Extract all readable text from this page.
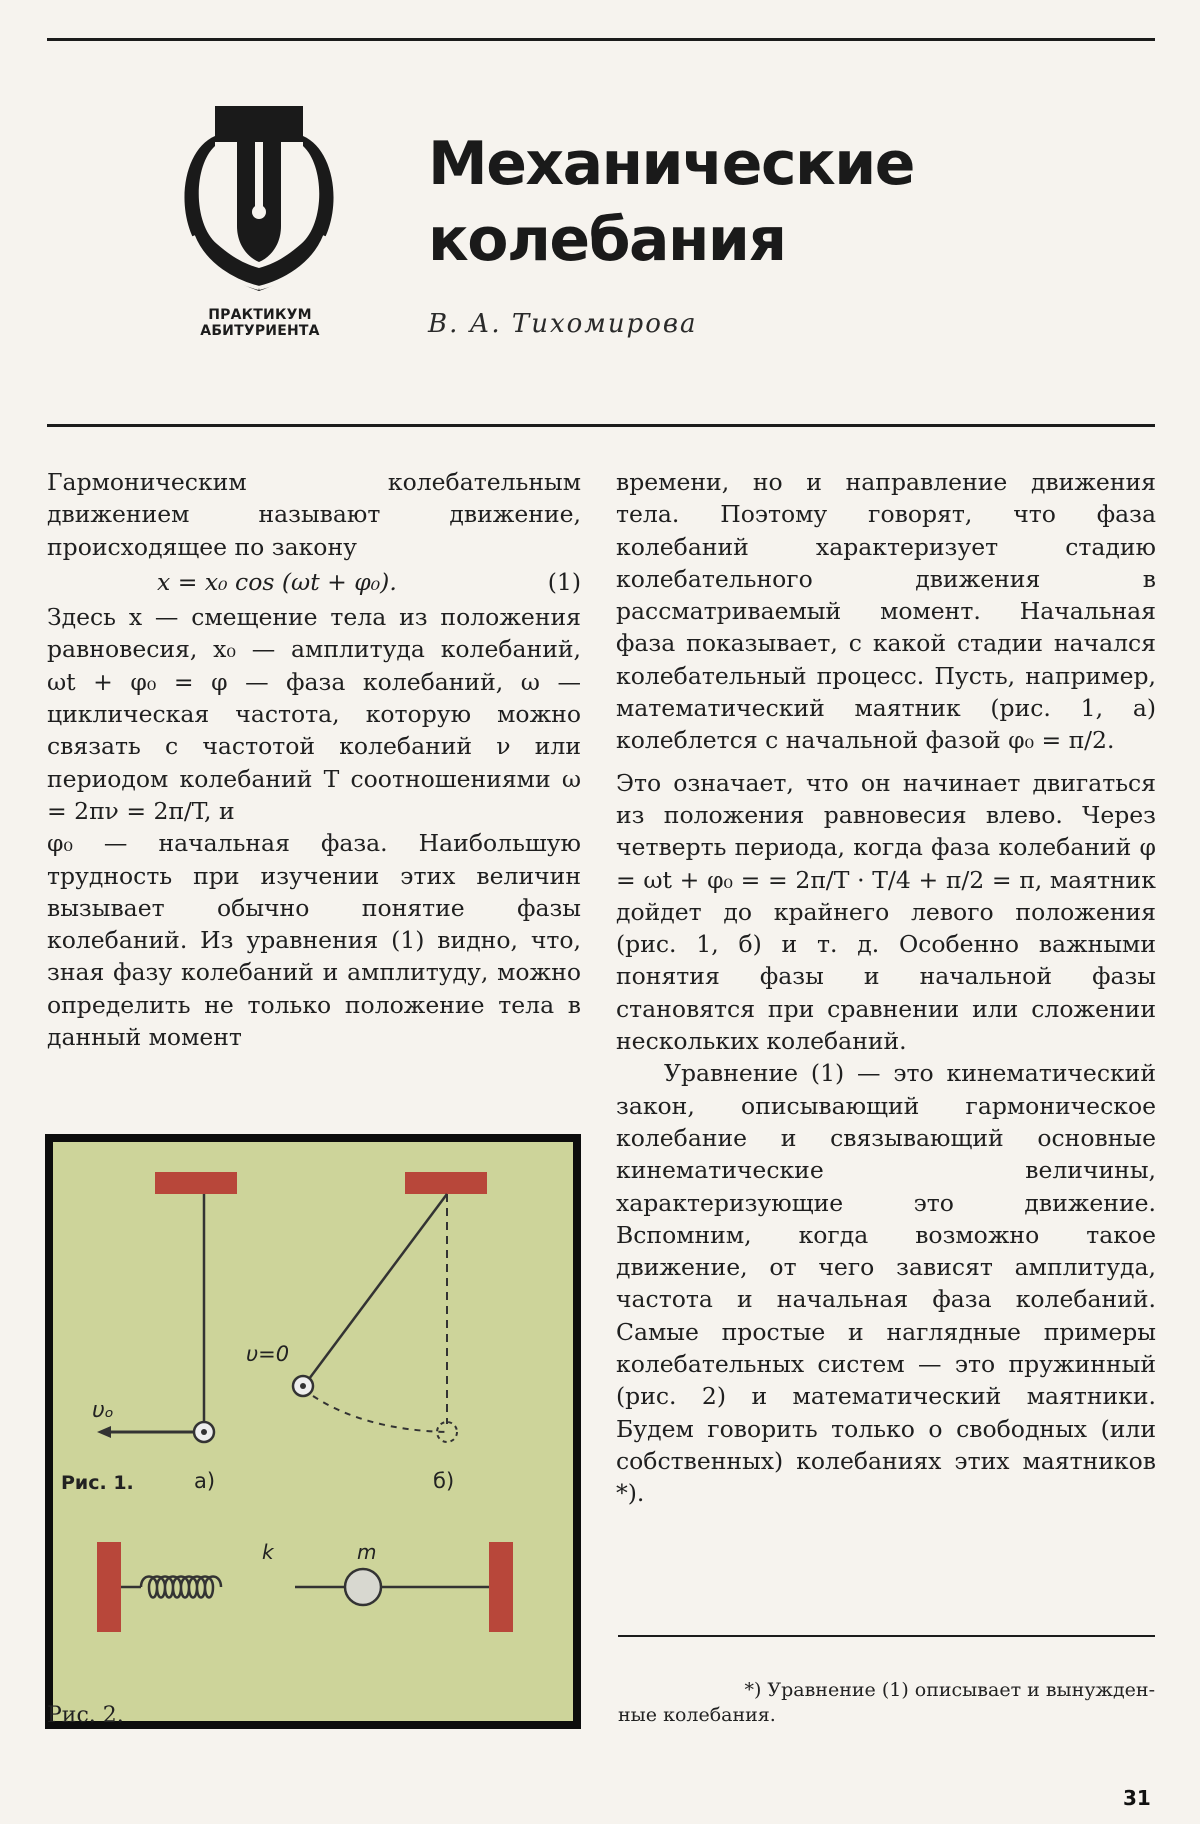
ПРАКТИКУМ
АБИТУРИЕНТА
Механические
колебания
В. А. Тихомирова

Гармоническим колебательным движением называют движение, происходящее по закону

x = x₀ cos (ωt + φ₀).	(1)

Здесь x — смещение тела из положения равновесия, x₀ — амплитуда колебаний, ωt + φ₀ = φ — фаза колебаний, ω — циклическая частота, которую можно связать с частотой колебаний ν или периодом колебаний T соотношениями ω = 2πν = 2π/T, и

φ₀ — начальная фаза. Наибольшую трудность при изучении этих величин вызывает обычно понятие фазы колебаний. Из уравнения (1) видно, что, зная фазу колебаний и амплитуду, можно определить не только положение тела в данный момент

времени, но и направление движения тела. Поэтому говорят, что фаза колебаний характеризует стадию колебательного движения в рассматриваемый момент. Начальная фаза показывает, с какой стадии начался колебательный процесс. Пусть, например, математический маятник (рис. 1, а) колеблется с начальной фазой φ₀ = π/2.

Это означает, что он начинает двигаться из положения равновесия влево. Через четверть периода, когда фаза колебаний φ = ωt + φ₀ = = 2π/T · T/4 + π/2 = π, маятник дойдет до крайнего левого положения (рис. 1, б) и т. д. Особенно важными понятия фазы и начальной фазы становятся при сравнении или сложении нескольких колебаний.

Уравнение (1) — это кинематический закон, описывающий гармоническое колебание и связывающий основные кинематические величины, характеризующие это движение. Вспомним, когда возможно такое движение, от чего зависят амплитуда, частота и начальная фаза колебаний. Самые простые и наглядные примеры колебательных систем — это пружинный (рис. 2) и математический маятники. Будем говорить только о свободных (или собственных) колебаниях этих маятников *).

Рис. 1.	а)	б)
υ=0
υₒ
k	m
Рис. 2.
*) Уравнение (1) описывает и вынужден-
ные колебания.
31
